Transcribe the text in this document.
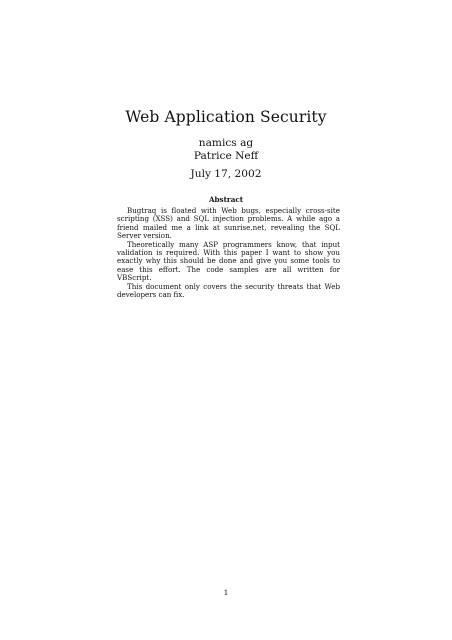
Web Application Security
namics ag
Patrice Neff
July 17, 2002
Abstract

Bugtraq is floated with Web bugs, especially cross-site scripting (XSS) and SQL injection problems. A while ago a friend mailed me a link at sunrise.net, revealing the SQL Server version.

Theoretically many ASP programmers know, that input validation is required. With this paper I want to show you exactly why this should be done and give you some tools to ease this effort. The code samples are all written for VBScript.

This document only covers the security threats that Web developers can fix.

1
